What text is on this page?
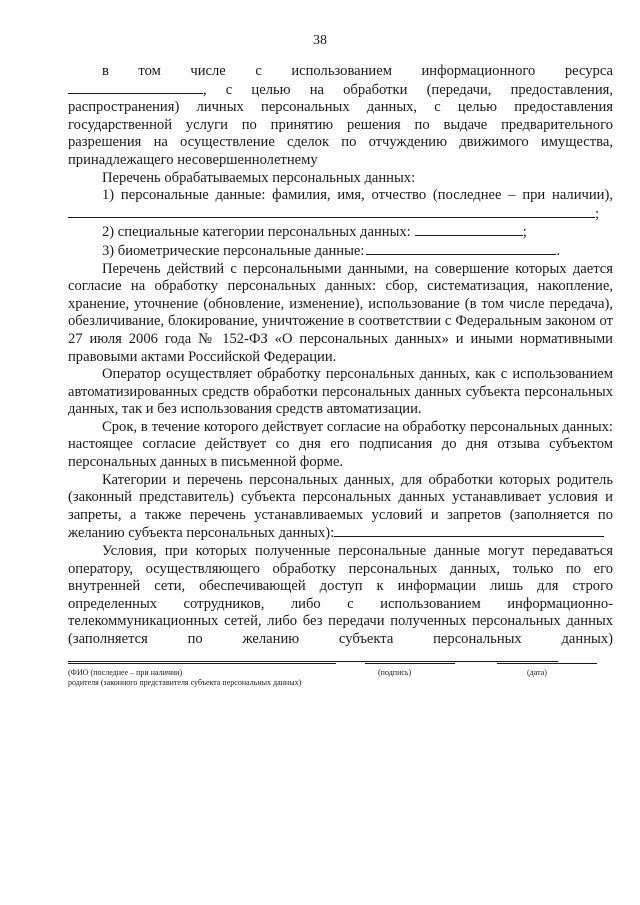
38

в том числе с использованием информационного ресурса

, с целью на обработки (передачи, предоставления,

распространения) личных персональных данных, с целью предоставления

государственной услуги по принятию решения по выдаче предварительного

разрешения на осуществление сделок по отчуждению движимого имущества,

принадлежащего несовершеннолетнему

Перечень обрабатываемых персональных данных:

1) персональные данные: фамилия, имя, отчество (последнее – при наличии),

;

2) специальные категории персональных данных:	;

3) биометрические персональные данные:	.

Перечень действий с персональными данными, на совершение которых дается согласие на обработку персональных данных: сбор, систематизация, накопление, хранение, уточнение (обновление, изменение), использование (в том числе передача), обезличивание, блокирование, уничтожение в соответствии с Федеральным законом от 27 июля 2006 года № 152-ФЗ «О персональных данных» и иными нормативными правовыми актами Российской Федерации.

Оператор осуществляет обработку персональных данных, как с использованием автоматизированных средств обработки персональных данных субъекта персональных данных, так и без использования средств автоматизации.

Срок, в течение которого действует согласие на обработку персональных данных: настоящее согласие действует со дня его подписания до дня отзыва субъектом персональных данных в письменной форме.

Категории и перечень персональных данных, для обработки которых родитель (законный представитель) субъекта персональных данных устанавливает условия и запреты, а также перечень устанавливаемых условий и запретов (заполняется по желанию субъекта персональных данных):

Условия, при которых полученные персональные данные могут передаваться оператору, осуществляющего обработку персональных данных, только по его внутренней сети, обеспечивающей доступ к информации лишь для строго определенных сотрудников, либо с использованием информационно-телекоммуникационных сетей, либо без передачи полученных персональных данных (заполняется по желанию субъекта персональных данных)

(ФИО (последнее – при наличии)
родителя (законного представителя субъекта персональных данных)
(подпись)	(дата)
